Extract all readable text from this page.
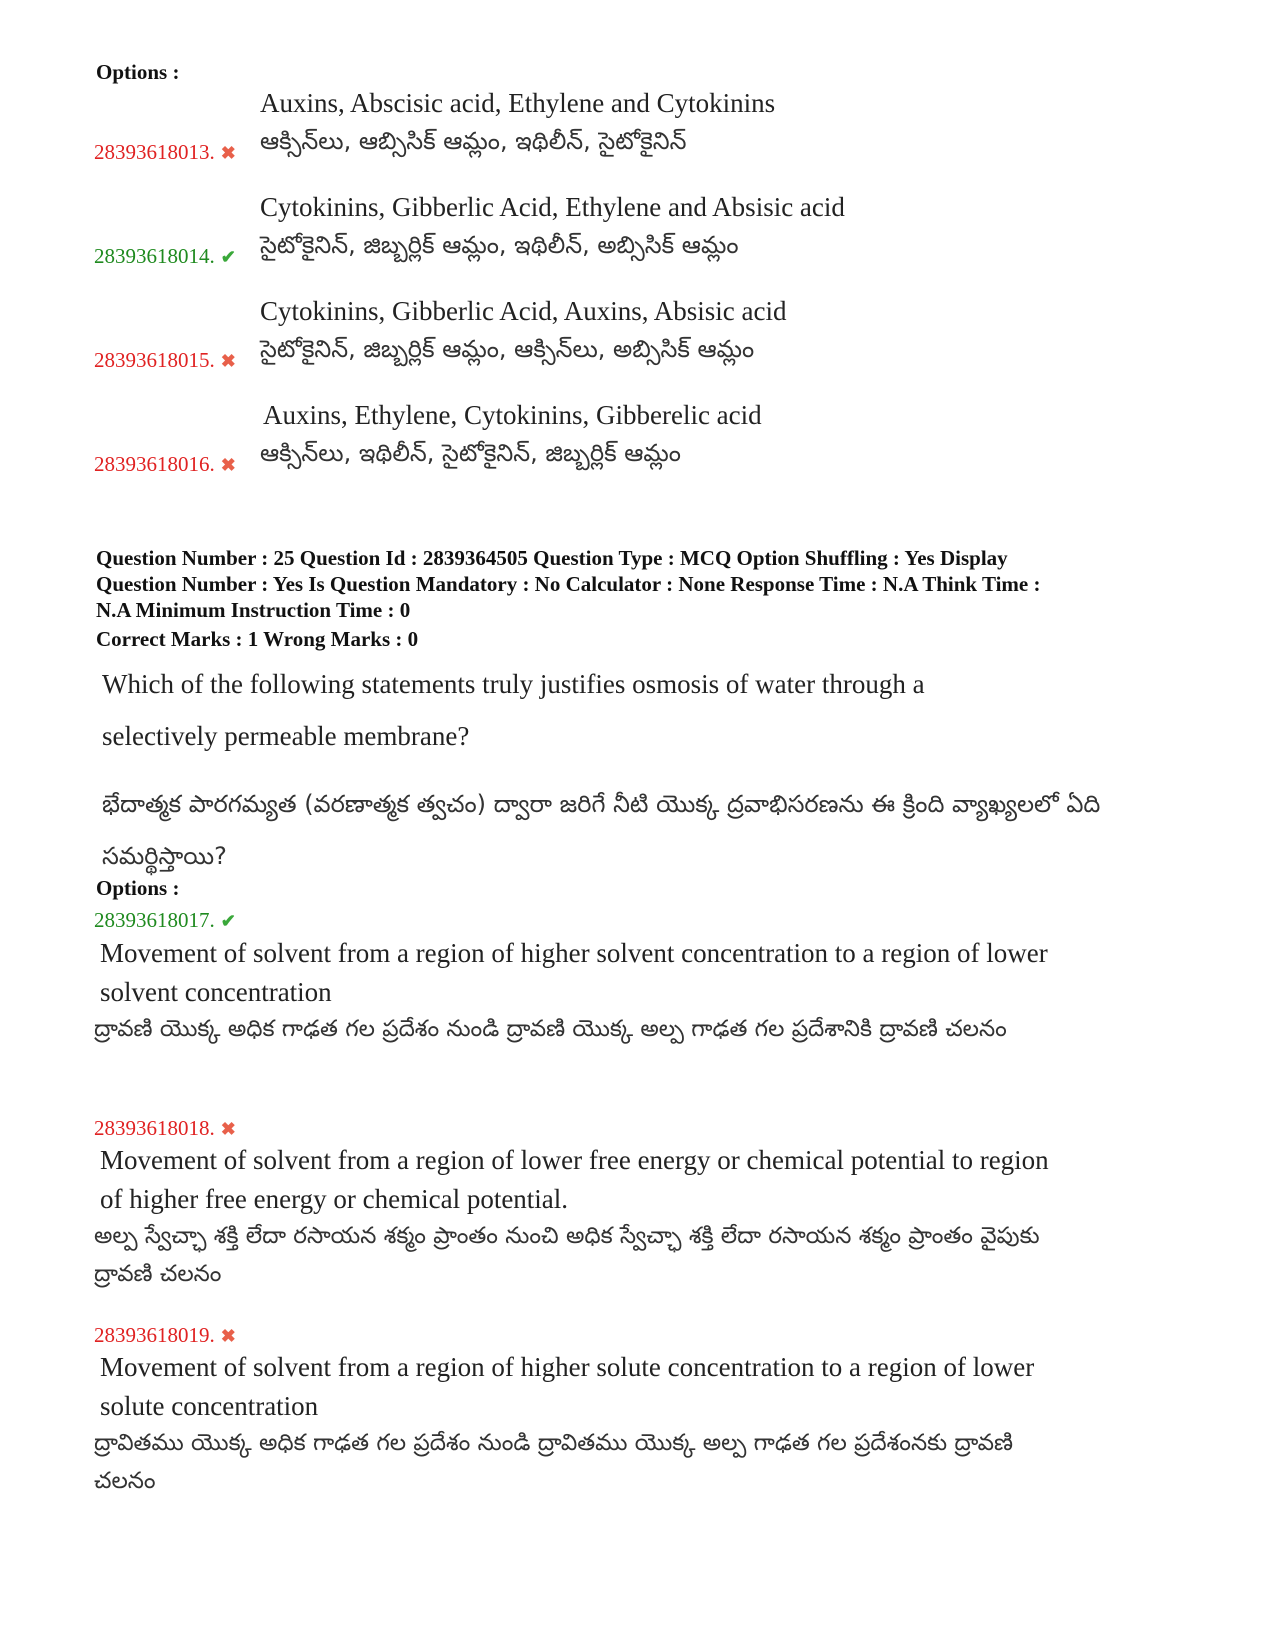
Options :
Auxins, Abscisic acid, Ethylene and Cytokinins
ఆక్సిన్‌లు, ఆబ్సిసిక్ ఆమ్లం, ఇథిలీన్, సైటోకైనిన్
28393618013. ✖
Cytokinins, Gibberlic Acid, Ethylene and Absisic acid
సైటోకైనిన్, జిబ్బర్లిక్ ఆమ్లం, ఇథిలీన్, అబ్సిసిక్ ఆమ్లం
28393618014. ✔
Cytokinins, Gibberlic Acid, Auxins, Absisic acid
సైటోకైనిన్, జిబ్బర్లిక్ ఆమ్లం, ఆక్సిన్‌లు, అబ్సిసిక్ ఆమ్లం
28393618015. ✖
Auxins, Ethylene, Cytokinins, Gibberelic acid
ఆక్సిన్‌లు, ఇథిలీన్, సైటోకైనిన్, జిబ్బర్లిక్ ఆమ్లం
28393618016. ✖
Question Number : 25 Question Id : 2839364505 Question Type : MCQ Option Shuffling : Yes Display
Question Number : Yes Is Question Mandatory : No Calculator : None Response Time : N.A Think Time :
N.A Minimum Instruction Time : 0
Correct Marks : 1 Wrong Marks : 0
Which of the following statements truly justifies osmosis of water through a selectively permeable membrane?
భేదాత్మక పారగమ్యత (వరణాత్మక త్వచం) ద్వారా జరిగే నీటి యొక్క ద్రవాభిసరణను ఈ క్రింది వ్యాఖ్యలలో ఏది సమర్థిస్తాయి?
Options :
28393618017. ✔
Movement of solvent from a region of higher solvent concentration to a region of lower solvent concentration
ద్రావణి యొక్క అధిక గాఢత గల ప్రదేశం నుండి ద్రావణి యొక్క అల్ప గాఢత గల ప్రదేశానికి ద్రావణి చలనం
28393618018. ✖
Movement of solvent from a region of lower free energy or chemical potential to region of higher free energy or chemical potential.
అల్ప స్వేచ్ఛా శక్తి లేదా రసాయన శక్మం ప్రాంతం నుంచి అధిక స్వేచ్ఛా శక్తి లేదా రసాయన శక్మం ప్రాంతం వైపుకు ద్రావణి చలనం
28393618019. ✖
Movement of solvent from a region of higher solute concentration to a region of lower solute concentration
ద్రావితము యొక్క అధిక గాఢత గల ప్రదేశం నుండి ద్రావితము యొక్క అల్ప గాఢత గల ప్రదేశంనకు ద్రావణి చలనం
